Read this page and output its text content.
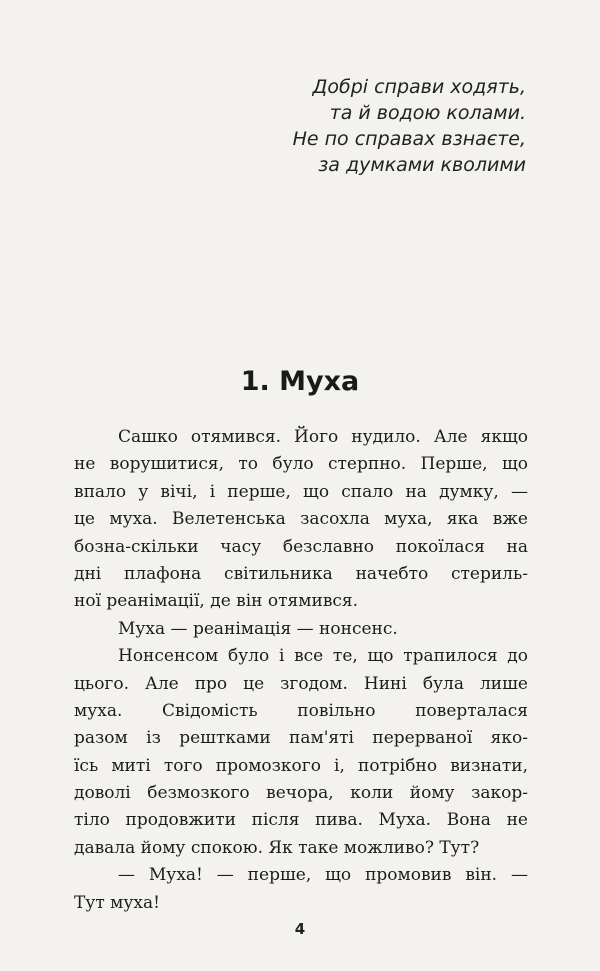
Добрі справи ходять,
та й водою колами.
Не по справах взнаєте,
за думками кволими
1. Муха
Сашко отямився. Його нудило. Але якщо
не ворушитися, то було стерпно. Перше, що
впало у вічі, і перше, що спало на думку, —
це муха. Велетенська засохла муха, яка вже
бозна-скільки часу безславно покоїлася на
дні плафона світильника начебто стериль-
ної реанімації, де він отямився.
Муха — реанімація — нонсенс.
Нонсенсом було і все те, що трапилося до
цього. Але про це згодом. Нині була лише
муха. Свідомість повільно поверталася
разом із рештками пам'яті перерваної яко-
їсь миті того промозкого і, потрібно визнати,
доволі безмозкого вечора, коли йому закор-
тіло продовжити після пива. Муха. Вона не
давала йому спокою. Як таке можливо? Тут?
— Муха! — перше, що промовив він. —
Тут муха!
4
